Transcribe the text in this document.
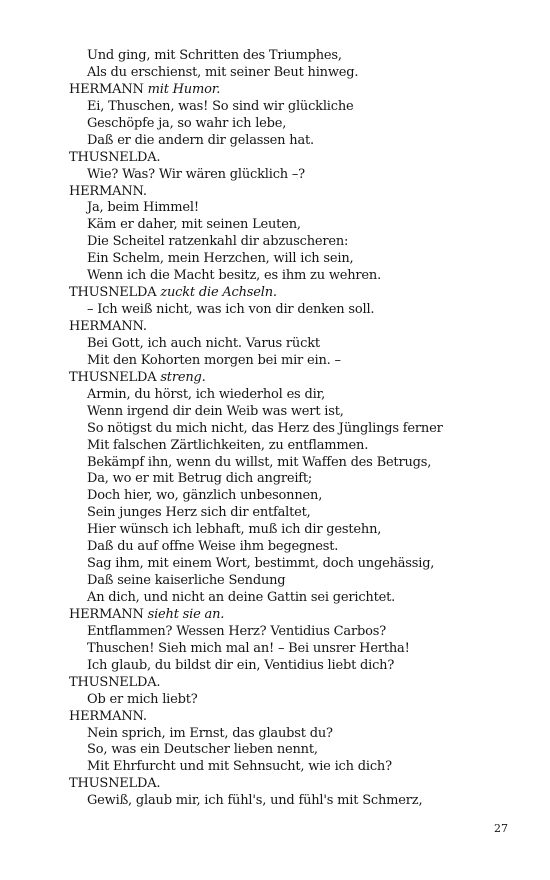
Und ging, mit Schritten des Triumphes,
Als du erschienst, mit seiner Beut hinweg.
HERMANN mit Humor.
Ei, Thuschen, was! So sind wir glückliche
Geschöpfe ja, so wahr ich lebe,
Daß er die andern dir gelassen hat.
THUSNELDA.
Wie? Was? Wir wären glücklich –?
HERMANN.
Ja, beim Himmel!
Käm er daher, mit seinen Leuten,
Die Scheitel ratzenkahl dir abzuscheren:
Ein Schelm, mein Herzchen, will ich sein,
Wenn ich die Macht besitz, es ihm zu wehren.
THUSNELDA zuckt die Achseln.
– Ich weiß nicht, was ich von dir denken soll.
HERMANN.
Bei Gott, ich auch nicht. Varus rückt
Mit den Kohorten morgen bei mir ein. –
THUSNELDA streng.
Armin, du hörst, ich wiederhol es dir,
Wenn irgend dir dein Weib was wert ist,
So nötigst du mich nicht, das Herz des Jünglings ferner
Mit falschen Zärtlichkeiten, zu entflammen.
Bekämpf ihn, wenn du willst, mit Waffen des Betrugs,
Da, wo er mit Betrug dich angreift;
Doch hier, wo, gänzlich unbesonnen,
Sein junges Herz sich dir entfaltet,
Hier wünsch ich lebhaft, muß ich dir gestehn,
Daß du auf offne Weise ihm begegnest.
Sag ihm, mit einem Wort, bestimmt, doch ungehässig,
Daß seine kaiserliche Sendung
An dich, und nicht an deine Gattin sei gerichtet.
HERMANN sieht sie an.
Entflammen? Wessen Herz? Ventidius Carbos?
Thuschen! Sieh mich mal an! – Bei unsrer Hertha!
Ich glaub, du bildst dir ein, Ventidius liebt dich?
THUSNELDA.
Ob er mich liebt?
HERMANN.
Nein sprich, im Ernst, das glaubst du?
So, was ein Deutscher lieben nennt,
Mit Ehrfurcht und mit Sehnsucht, wie ich dich?
THUSNELDA.
Gewiß, glaub mir, ich fühl's, und fühl's mit Schmerz,
27
